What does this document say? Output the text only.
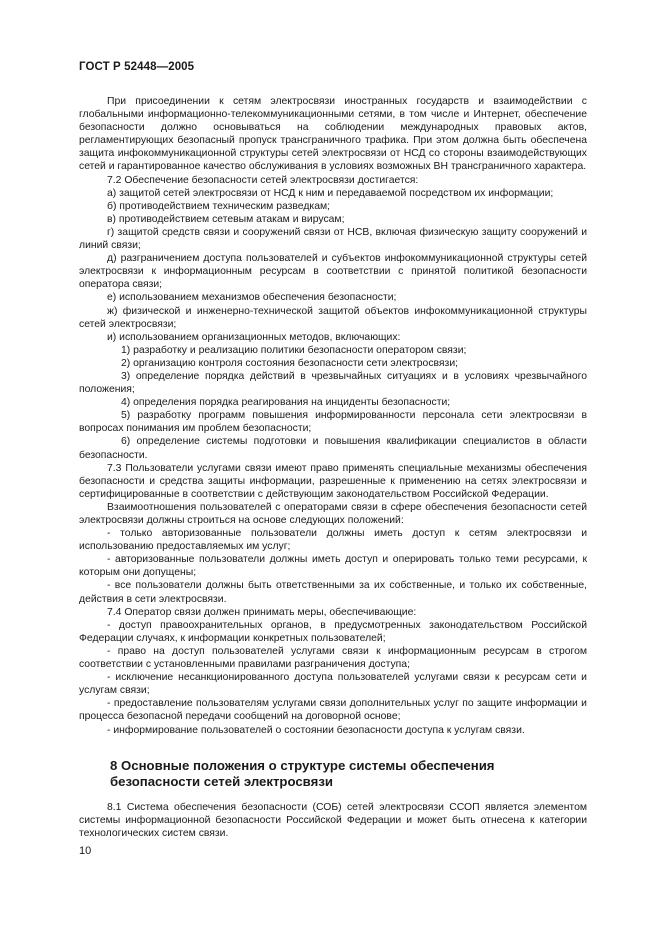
ГОСТ Р 52448—2005

При присоединении к сетям электросвязи иностранных государств и взаимодействии с глобальными информационно-телекоммуникационными сетями, в том числе и Интернет, обеспечение безопасности должно основываться на соблюдении международных правовых актов, регламентирующих безопасный пропуск трансграничного трафика. При этом должна быть обеспечена защита инфокоммуникационной структуры сетей электросвязи от НСД со стороны взаимодействующих сетей и гарантированное качество обслуживания в условиях возможных ВН трансграничного характера.

7.2 Обеспечение безопасности сетей электросвязи достигается:

а) защитой сетей электросвязи от НСД к ним и передаваемой посредством их информации;

б) противодействием техническим разведкам;

в) противодействием сетевым атакам и вирусам;

г) защитой средств связи и сооружений связи от НСВ, включая физическую защиту сооружений и линий связи;

д) разграничением доступа пользователей и субъектов инфокоммуникационной структуры сетей электросвязи к информационным ресурсам в соответствии с принятой политикой безопасности оператора связи;

е) использованием механизмов обеспечения безопасности;

ж) физической и инженерно-технической защитой объектов инфокоммуникационной структуры сетей электросвязи;

и) использованием организационных методов, включающих:

1) разработку и реализацию политики безопасности оператором связи;

2) организацию контроля состояния безопасности сети электросвязи;

3) определение порядка действий в чрезвычайных ситуациях и в условиях чрезвычайного положения;

4) определения порядка реагирования на инциденты безопасности;

5) разработку программ повышения информированности персонала сети электросвязи в вопросах понимания им проблем безопасности;

6) определение системы подготовки и повышения квалификации специалистов в области безопасности.

7.3 Пользователи услугами связи имеют право применять специальные механизмы обеспечения безопасности и средства защиты информации, разрешенные к применению на сетях электросвязи и сертифицированные в соответствии с действующим законодательством Российской Федерации.

Взаимоотношения пользователей с операторами связи в сфере обеспечения безопасности сетей электросвязи должны строиться на основе следующих положений:

- только авторизованные пользователи должны иметь доступ к сетям электросвязи и использованию предоставляемых им услуг;

- авторизованные пользователи должны иметь доступ и оперировать только теми ресурсами, к которым они допущены;

- все пользователи должны быть ответственными за их собственные, и только их собственные, действия в сети электросвязи.

7.4 Оператор связи должен принимать меры, обеспечивающие:

- доступ правоохранительных органов, в предусмотренных законодательством Российской Федерации случаях, к информации конкретных пользователей;

- право на доступ пользователей услугами связи к информационным ресурсам в строгом соответствии с установленными правилами разграничения доступа;

- исключение несанкционированного доступа пользователей услугами связи к ресурсам сети и услугам связи;

- предоставление пользователям услугами связи дополнительных услуг по защите информации и процесса безопасной передачи сообщений на договорной основе;

- информирование пользователей о состоянии безопасности доступа к услугам связи.

8 Основные положения о структуре системы обеспечения безопасности сетей электросвязи

8.1 Система обеспечения безопасности (СОБ) сетей электросвязи ССОП является элементом системы информационной безопасности Российской Федерации и может быть отнесена к категории технологических систем связи.

10
